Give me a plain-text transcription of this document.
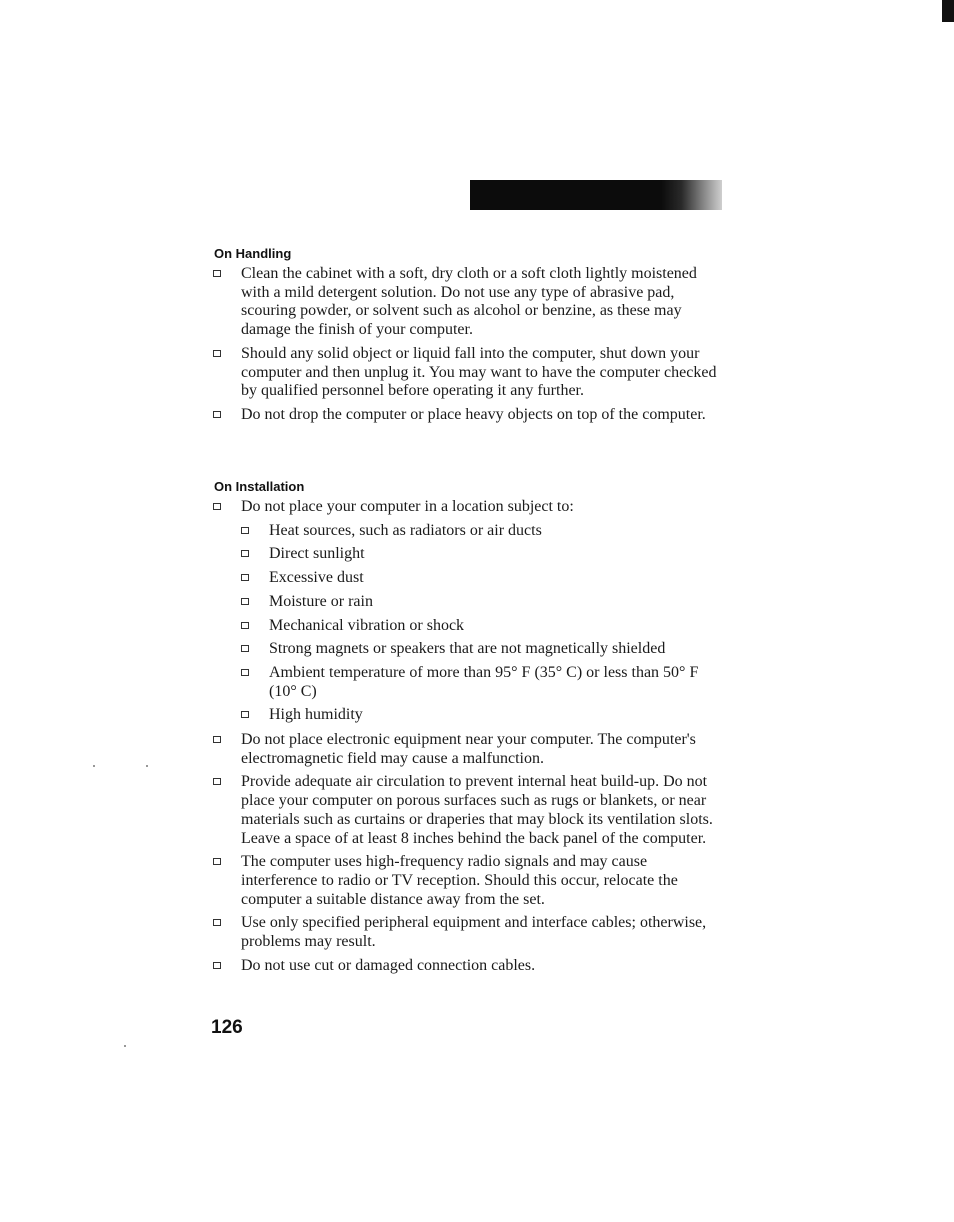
On Handling
Clean the cabinet with a soft, dry cloth or a soft cloth lightly moistened with a mild detergent solution. Do not use any type of abrasive pad, scouring powder, or solvent such as alcohol or benzine, as these may damage the finish of your computer.
Should any solid object or liquid fall into the computer, shut down your computer and then unplug it. You may want to have the computer checked by qualified personnel before operating it any further.
Do not drop the computer or place heavy objects on top of the computer.
On Installation
Do not place your computer in a location subject to:
Heat sources, such as radiators or air ducts
Direct sunlight
Excessive dust
Moisture or rain
Mechanical vibration or shock
Strong magnets or speakers that are not magnetically shielded
Ambient temperature of more than 95° F (35° C) or less than 50° F (10° C)
High humidity
Do not place electronic equipment near your computer. The computer's electromagnetic field may cause a malfunction.
Provide adequate air circulation to prevent internal heat build-up. Do not place your computer on porous surfaces such as rugs or blankets, or near materials such as curtains or draperies that may block its ventilation slots. Leave a space of at least 8 inches behind the back panel of the computer.
The computer uses high-frequency radio signals and may cause interference to radio or TV reception. Should this occur, relocate the computer a suitable distance away from the set.
Use only specified peripheral equipment and interface cables; otherwise, problems may result.
Do not use cut or damaged connection cables.
126
